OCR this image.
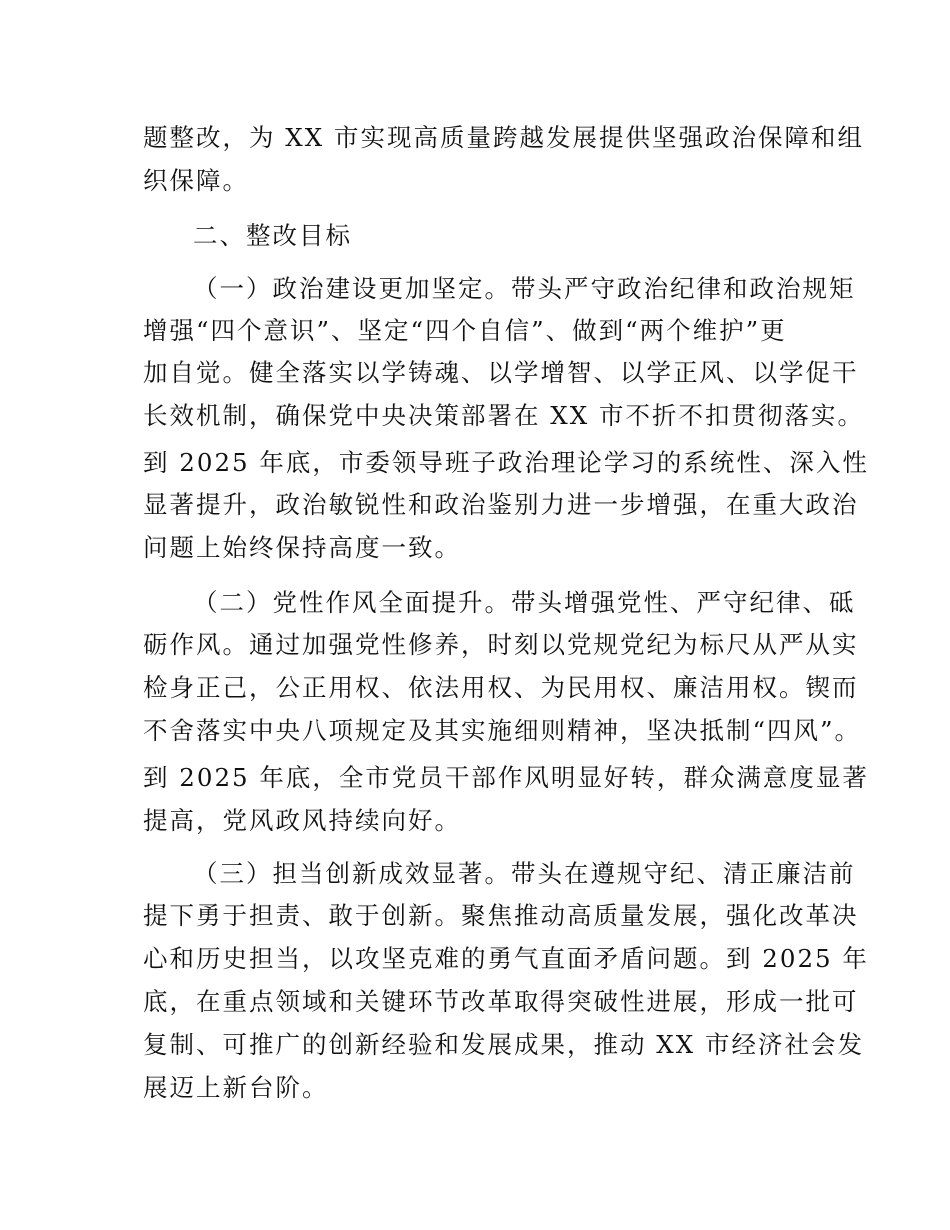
题整改，为 XX 市实现高质量跨越发展提供坚强政治保障和组
织保障。
二、整改目标
（一）政治建设更加坚定。带头严守政治纪律和政治规矩
增强“四个意识”、坚定“四个自信”、做到“两个维护”更
加自觉。健全落实以学铸魂、以学增智、以学正风、以学促干
长效机制，确保党中央决策部署在 XX 市不折不扣贯彻落实。
到 2025 年底，市委领导班子政治理论学习的系统性、深入性
显著提升，政治敏锐性和政治鉴别力进一步增强，在重大政治
问题上始终保持高度一致。
（二）党性作风全面提升。带头增强党性、严守纪律、砥
砺作风。通过加强党性修养，时刻以党规党纪为标尺从严从实
检身正己，公正用权、依法用权、为民用权、廉洁用权。锲而
不舍落实中央八项规定及其实施细则精神，坚决抵制“四风”。
到 2025 年底，全市党员干部作风明显好转，群众满意度显著
提高，党风政风持续向好。
（三）担当创新成效显著。带头在遵规守纪、清正廉洁前
提下勇于担责、敢于创新。聚焦推动高质量发展，强化改革决
心和历史担当，以攻坚克难的勇气直面矛盾问题。到 2025 年
底，在重点领域和关键环节改革取得突破性进展，形成一批可
复制、可推广的创新经验和发展成果，推动 XX 市经济社会发
展迈上新台阶。
